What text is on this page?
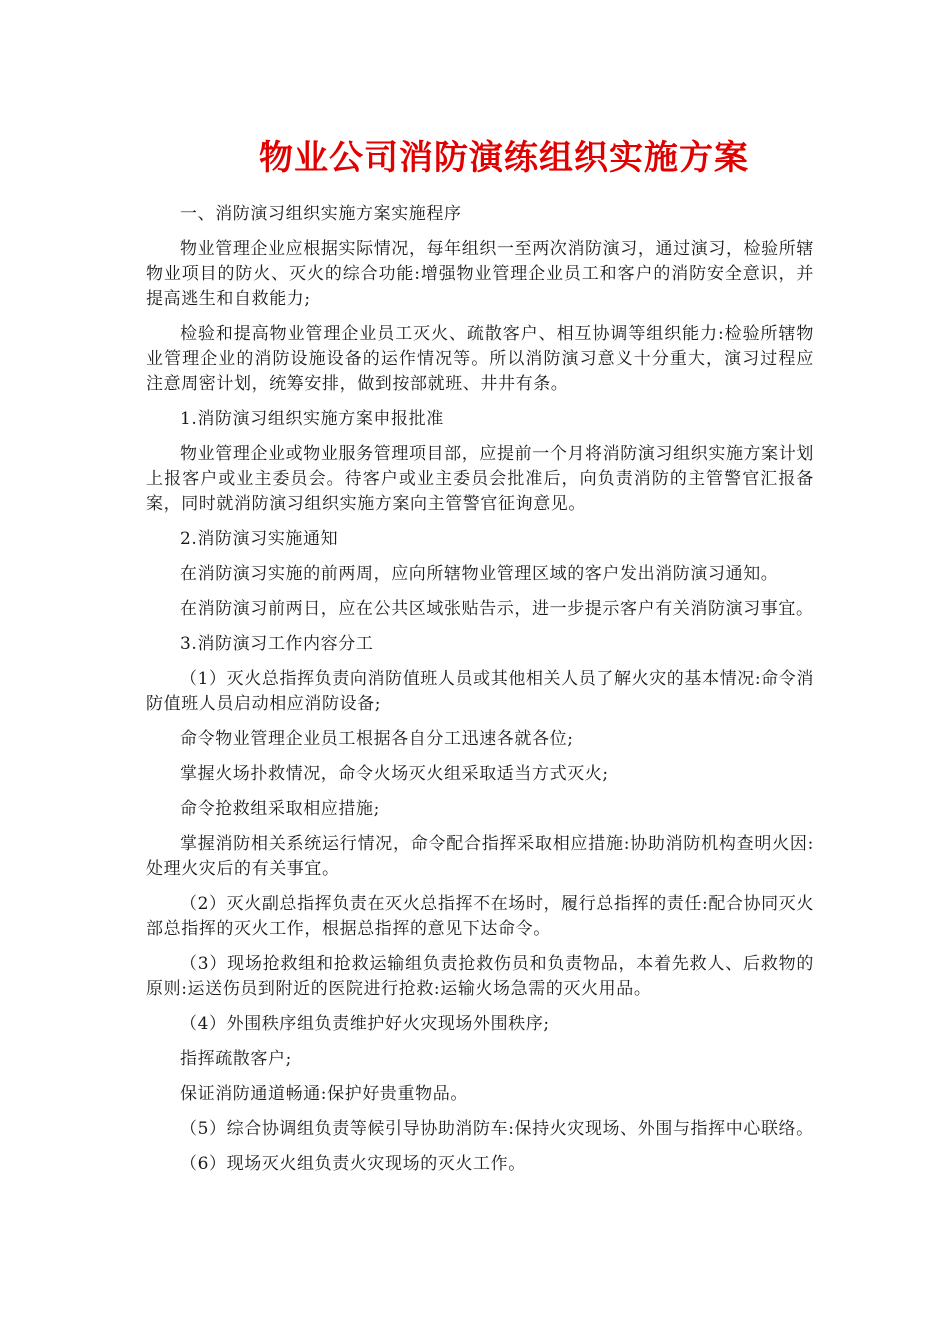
物业公司消防演练组织实施方案

一、消防演习组织实施方案实施程序

物业管理企业应根据实际情况，每年组织一至两次消防演习，通过演习，检验所辖物业项目的防火、灭火的综合功能:增强物业管理企业员工和客户的消防安全意识，并提高逃生和自救能力;

检验和提高物业管理企业员工灭火、疏散客户、相互协调等组织能力:检验所辖物业管理企业的消防设施设备的运作情况等。所以消防演习意义十分重大，演习过程应注意周密计划，统筹安排，做到按部就班、井井有条。

1.消防演习组织实施方案申报批准

物业管理企业或物业服务管理项目部，应提前一个月将消防演习组织实施方案计划上报客户或业主委员会。待客户或业主委员会批准后，向负责消防的主管警官汇报备案，同时就消防演习组织实施方案向主管警官征询意见。

2.消防演习实施通知

在消防演习实施的前两周，应向所辖物业管理区域的客户发出消防演习通知。

在消防演习前两日，应在公共区域张贴告示，进一步提示客户有关消防演习事宜。

3.消防演习工作内容分工

（1）灭火总指挥负责向消防值班人员或其他相关人员了解火灾的基本情况:命令消防值班人员启动相应消防设备;

命令物业管理企业员工根据各自分工迅速各就各位;

掌握火场扑救情况，命令火场灭火组采取适当方式灭火;

命令抢救组采取相应措施;

掌握消防相关系统运行情况，命令配合指挥采取相应措施:协助消防机构查明火因:处理火灾后的有关事宜。

（2）灭火副总指挥负责在灭火总指挥不在场时，履行总指挥的责任:配合协同灭火部总指挥的灭火工作，根据总指挥的意见下达命令。

（3）现场抢救组和抢救运输组负责抢救伤员和负责物品，本着先救人、后救物的原则:运送伤员到附近的医院进行抢救:运输火场急需的灭火用品。

（4）外围秩序组负责维护好火灾现场外围秩序;

指挥疏散客户;

保证消防通道畅通:保护好贵重物品。

（5）综合协调组负责等候引导协助消防车:保持火灾现场、外围与指挥中心联络。

（6）现场灭火组负责火灾现场的灭火工作。
